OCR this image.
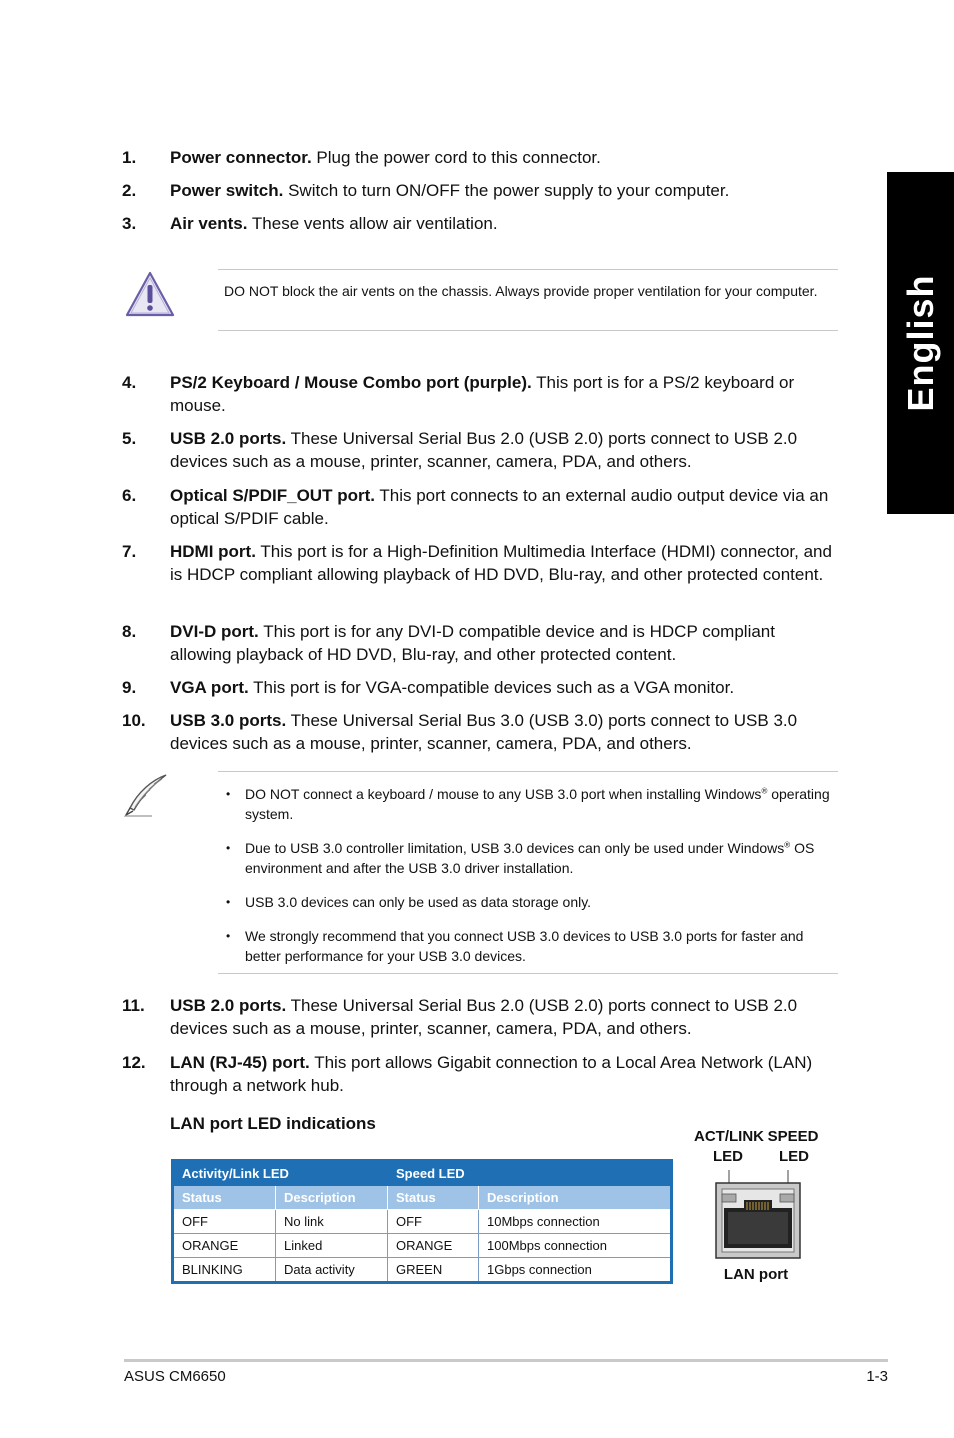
English
1. Power connector. Plug the power cord to this connector.
2. Power switch. Switch to turn ON/OFF the power supply to your computer.
3. Air vents. These vents allow air ventilation.
DO NOT block the air vents on the chassis. Always provide proper ventilation for your computer.
4. PS/2 Keyboard / Mouse Combo port (purple). This port is for a PS/2 keyboard or mouse.
5. USB 2.0 ports. These Universal Serial Bus 2.0 (USB 2.0) ports connect to USB 2.0 devices such as a mouse, printer, scanner, camera, PDA, and others.
6. Optical S/PDIF_OUT port. This port connects to an external audio output device via an optical S/PDIF cable.
7. HDMI port. This port is for a High-Definition Multimedia Interface (HDMI) connector, and is HDCP compliant allowing playback of HD DVD, Blu-ray, and other protected content.
8. DVI-D port. This port is for any DVI-D compatible device and is HDCP compliant allowing playback of HD DVD, Blu-ray, and other protected content.
9. VGA port. This port is for VGA-compatible devices such as a VGA monitor.
10. USB 3.0 ports. These Universal Serial Bus 3.0 (USB 3.0) ports connect to USB 3.0 devices such as a mouse, printer, scanner, camera, PDA, and others.
• DO NOT connect a keyboard / mouse to any USB 3.0 port when installing Windows® operating system.
• Due to USB 3.0 controller limitation, USB 3.0 devices can only be used under Windows® OS environment and after the USB 3.0 driver installation.
• USB 3.0 devices can only be used as data storage only.
• We strongly recommend that you connect USB 3.0 devices to USB 3.0 ports for faster and better performance for your USB 3.0 devices.
11. USB 2.0 ports. These Universal Serial Bus 2.0 (USB 2.0) ports connect to USB 2.0 devices such as a mouse, printer, scanner, camera, PDA, and others.
12. LAN (RJ-45) port. This port allows Gigabit connection to a Local Area Network (LAN) through a network hub.
LAN port LED indications
Activity/Link LED		Speed LED	
Status	Description	Status	Description
OFF	No link	OFF	10Mbps connection
ORANGE	Linked	ORANGE	100Mbps connection
BLINKING	Data activity	GREEN	1Gbps connection
ACT/LINK SPEED
LED	LED
LAN port
ASUS CM6650	1-3
